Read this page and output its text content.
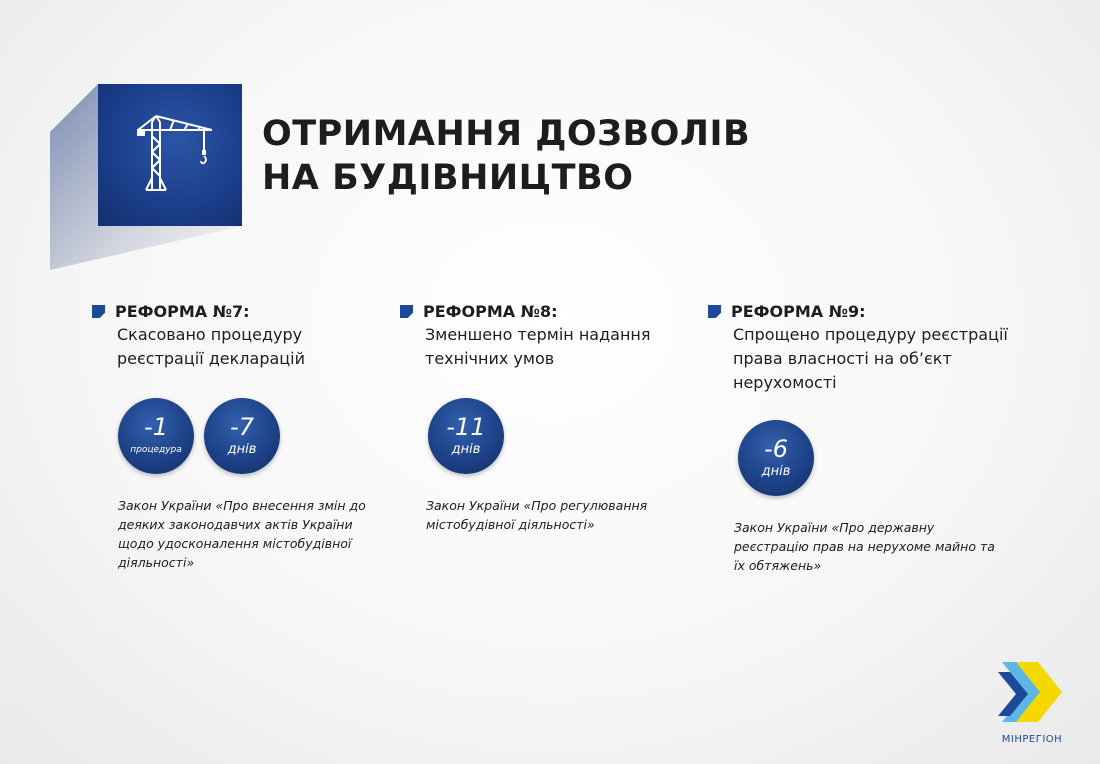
ОТРИМАННЯ ДОЗВОЛІВ
НА БУДІВНИЦТВО
РЕФОРМА №7:
Скасовано процедуру
реєстрації декларацій
-1
процедура
-7
днів
Закон України «Про внесення змін до
деяких законодавчих актів України
щодо удосконалення містобудівної
діяльності»
РЕФОРМА №8:
Зменшено термін надання
технічних умов
-11
днів
Закон України «Про регулювання
містобудівної діяльності»
РЕФОРМА №9:
Спрощено процедуру реєстрації
права власності на об’єкт
нерухомості
-6
днів
Закон України «Про державну
реєстрацію прав на нерухоме майно та
їх обтяжень»
МІНРЕГІОН
